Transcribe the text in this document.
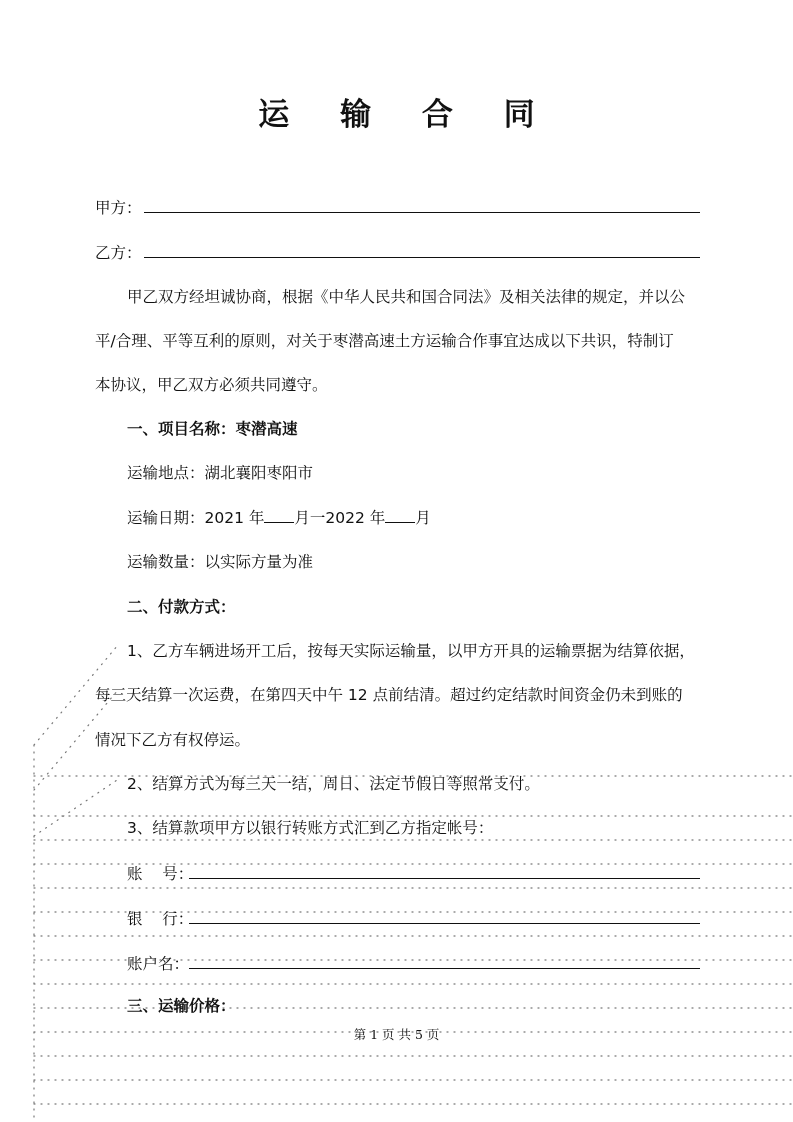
运 输 合 同
甲方：
乙方：
甲乙双方经坦诚协商，根据《中华人民共和国合同法》及相关法律的规定，并以公
平/合理、平等互利的原则，对关于枣潜高速土方运输合作事宜达成以下共识，特制订
本协议，甲乙双方必须共同遵守。
一、项目名称：枣潜高速
运输地点：湖北襄阳枣阳市
运输日期：2021 年 月一2022 年 月
运输数量：以实际方量为准
二、付款方式：
1、乙方车辆进场开工后，按每天实际运输量，以甲方开具的运输票据为结算依据，
每三天结算一次运费，在第四天中午 12 点前结清。超过约定结款时间资金仍未到账的
情况下乙方有权停运。
2、结算方式为每三天一结，周日、法定节假日等照常支付。
3、结算款项甲方以银行转账方式汇到乙方指定帐号：
账    号：
银    行：
账户名：
三、运输价格：
第 1 页 共 5 页
